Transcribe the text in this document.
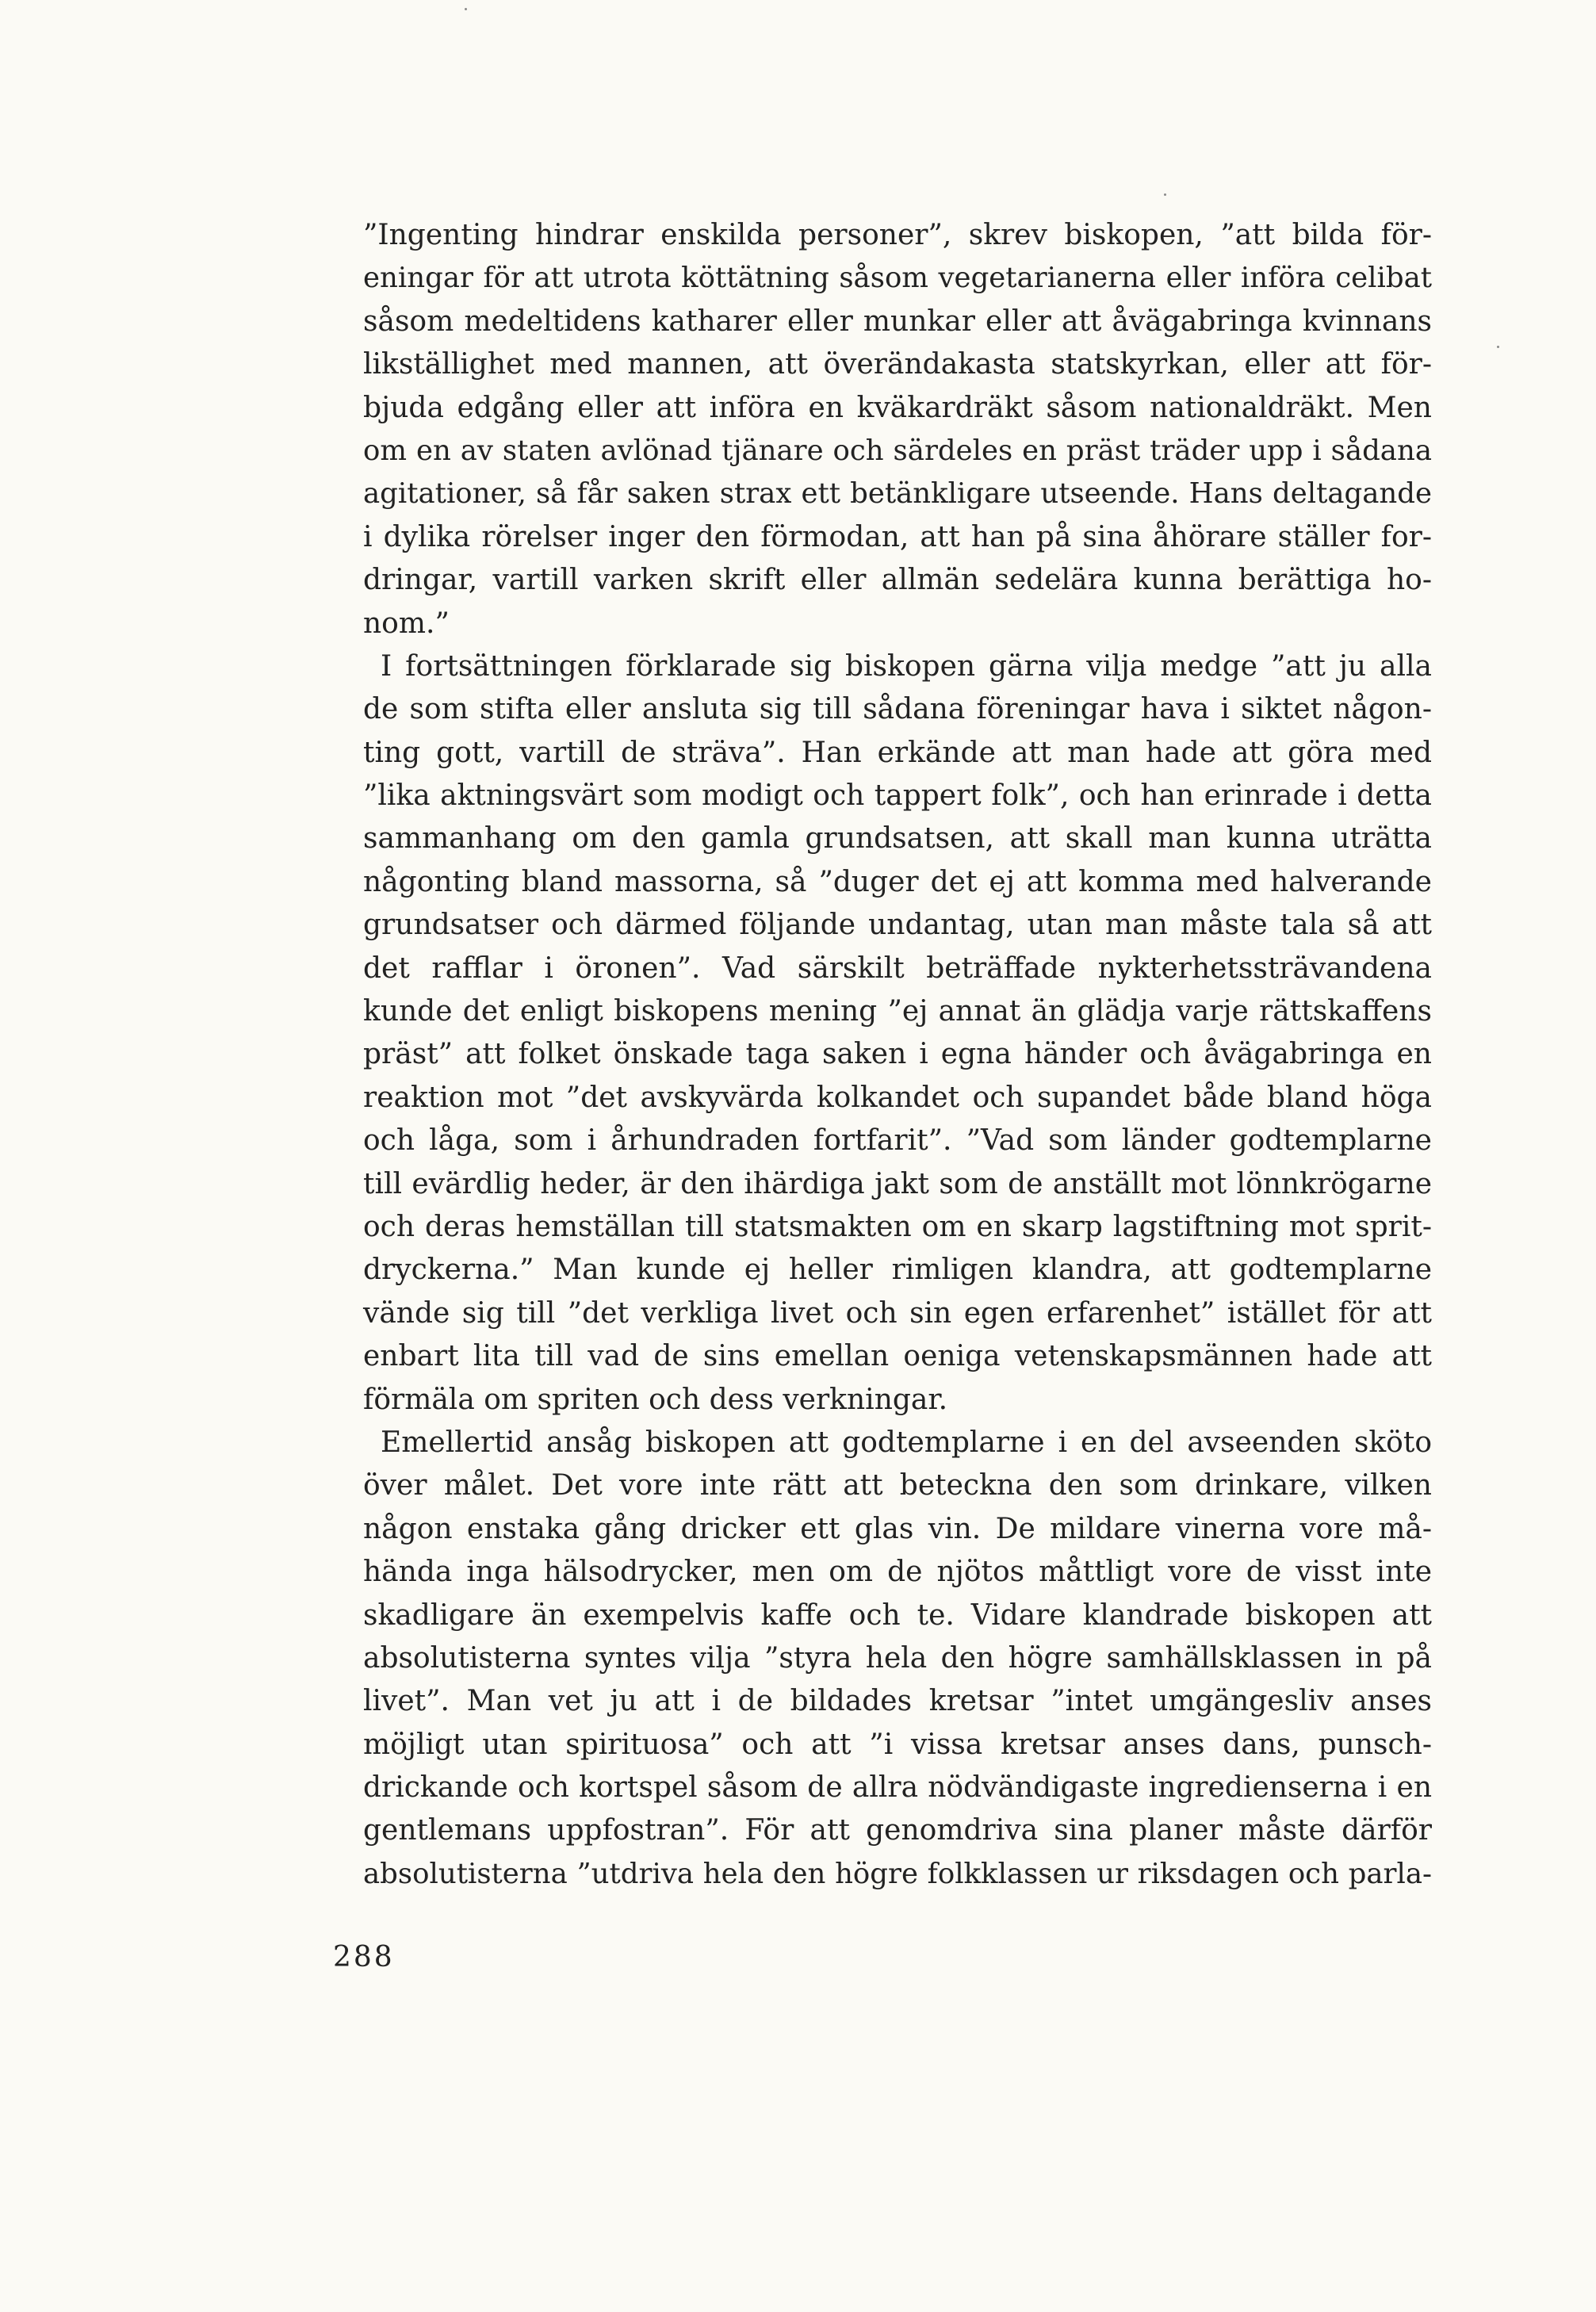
”Ingenting hindrar enskilda personer”, skrev biskopen, ”att bilda för-
eningar för att utrota köttätning såsom vegetarianerna eller införa celibat
såsom medeltidens katharer eller munkar eller att åvägabringa kvinnans
likställighet med mannen, att överändakasta statskyrkan, eller att för-
bjuda edgång eller att införa en kväkardräkt såsom nationaldräkt. Men
om en av staten avlönad tjänare och särdeles en präst träder upp i sådana
agitationer, så får saken strax ett betänkligare utseende. Hans deltagande
i dylika rörelser inger den förmodan, att han på sina åhörare ställer for-
dringar, vartill varken skrift eller allmän sedelära kunna berättiga ho-
nom.”
I fortsättningen förklarade sig biskopen gärna vilja medge ”att ju alla
de som stifta eller ansluta sig till sådana föreningar hava i siktet någon-
ting gott, vartill de sträva”. Han erkände att man hade att göra med
”lika aktningsvärt som modigt och tappert folk”, och han erinrade i detta
sammanhang om den gamla grundsatsen, att skall man kunna uträtta
någonting bland massorna, så ”duger det ej att komma med halverande
grundsatser och därmed följande undantag, utan man måste tala så att
det rafflar i öronen”. Vad särskilt beträffade nykterhetssträvandena
kunde det enligt biskopens mening ”ej annat än glädja varje rättskaffens
präst” att folket önskade taga saken i egna händer och åvägabringa en
reaktion mot ”det avskyvärda kolkandet och supandet både bland höga
och låga, som i århundraden fortfarit”. ”Vad som länder godtemplarne
till evärdlig heder, är den ihärdiga jakt som de anställt mot lönnkrögarne
och deras hemställan till statsmakten om en skarp lagstiftning mot sprit-
dryckerna.” Man kunde ej heller rimligen klandra, att godtemplarne
vände sig till ”det verkliga livet och sin egen erfarenhet” istället för att
enbart lita till vad de sins emellan oeniga vetenskapsmännen hade att
förmäla om spriten och dess verkningar.
Emellertid ansåg biskopen att godtemplarne i en del avseenden sköto
över målet. Det vore inte rätt att beteckna den som drinkare, vilken
någon enstaka gång dricker ett glas vin. De mildare vinerna vore må-
hända inga hälsodrycker, men om de njötos måttligt vore de visst inte
skadligare än exempelvis kaffe och te. Vidare klandrade biskopen att
absolutisterna syntes vilja ”styra hela den högre samhällsklassen in på
livet”. Man vet ju att i de bildades kretsar ”intet umgängesliv anses
möjligt utan spirituosa” och att ”i vissa kretsar anses dans, punsch-
drickande och kortspel såsom de allra nödvändigaste ingredienserna i en
gentlemans uppfostran”. För att genomdriva sina planer måste därför
absolutisterna ”utdriva hela den högre folkklassen ur riksdagen och parla-
288
